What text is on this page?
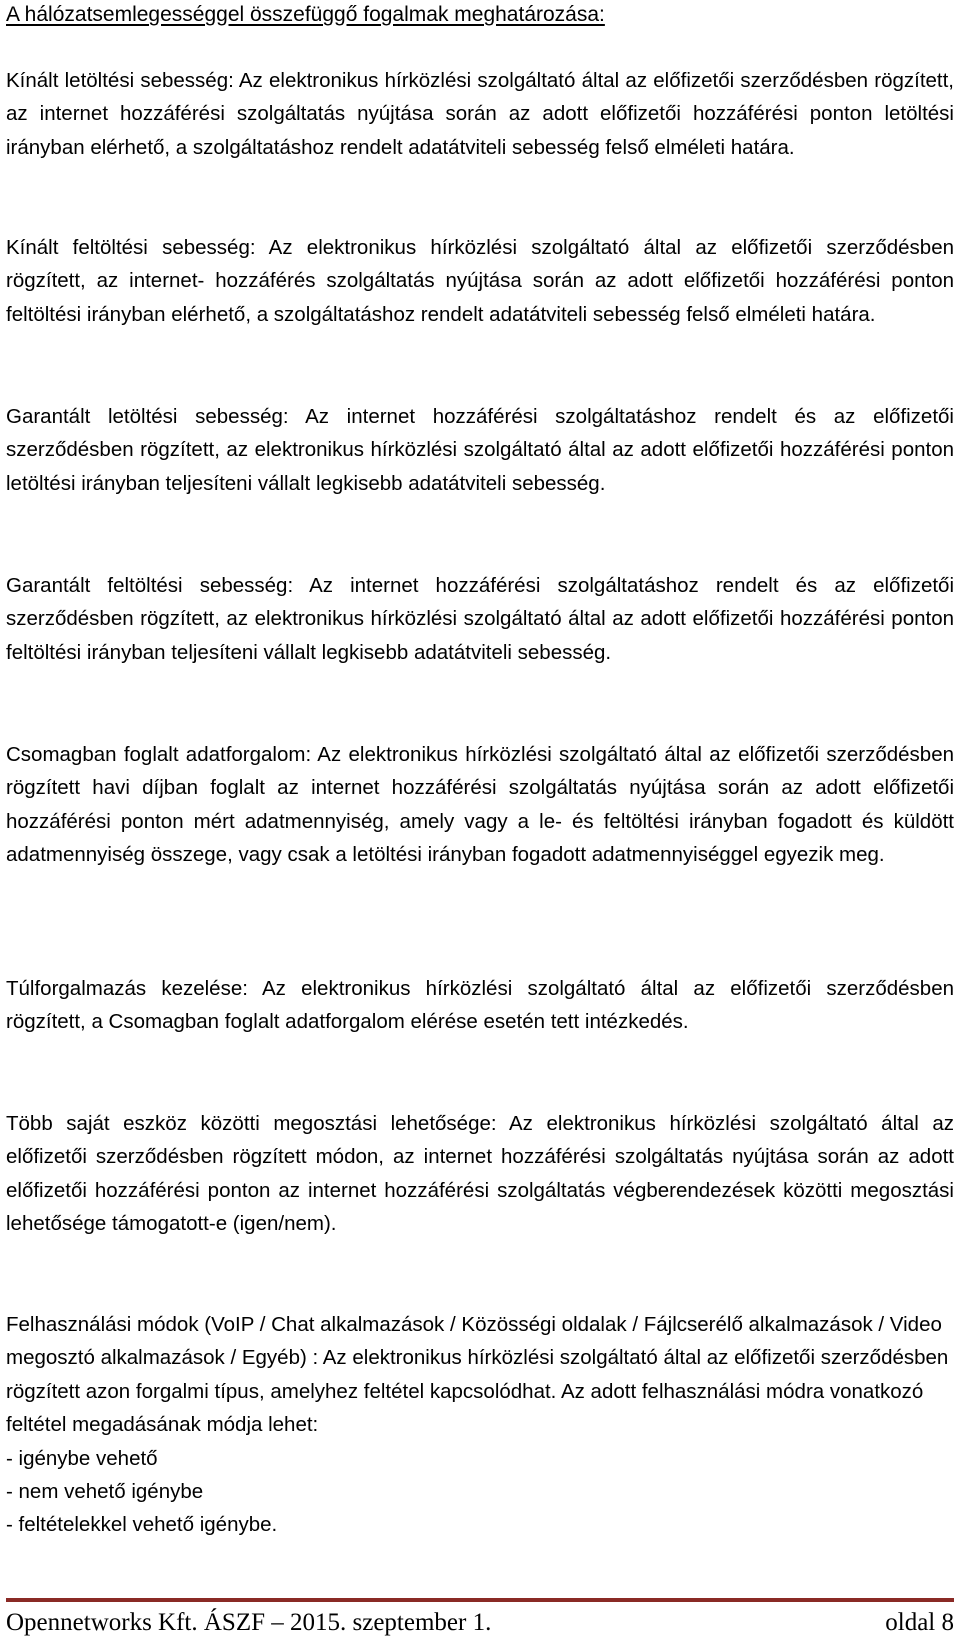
A hálózatsemlegességgel összefüggő fogalmak meghatározása:

Kínált letöltési sebesség: Az elektronikus hírközlési szolgáltató által az előfizetői szerződésben rögzített, az internet hozzáférési szolgáltatás nyújtása során az adott előfizetői hozzáférési ponton letöltési irányban elérhető, a szolgáltatáshoz rendelt adatátviteli sebesség felső elméleti határa.

Kínált feltöltési sebesség: Az elektronikus hírközlési szolgáltató által az előfizetői szerződésben rögzített, az internet- hozzáférés szolgáltatás nyújtása során az adott előfizetői hozzáférési ponton feltöltési irányban elérhető, a szolgáltatáshoz rendelt adatátviteli sebesség felső elméleti határa.

Garantált letöltési sebesség: Az internet hozzáférési szolgáltatáshoz rendelt és az előfizetői szerződésben rögzített, az elektronikus hírközlési szolgáltató által az adott előfizetői hozzáférési ponton letöltési irányban teljesíteni vállalt legkisebb adatátviteli sebesség.

Garantált feltöltési sebesség: Az internet hozzáférési szolgáltatáshoz rendelt és az előfizetői szerződésben rögzített, az elektronikus hírközlési szolgáltató által az adott előfizetői hozzáférési ponton feltöltési irányban teljesíteni vállalt legkisebb adatátviteli sebesség.

Csomagban foglalt adatforgalom: Az elektronikus hírközlési szolgáltató által az előfizetői szerződésben rögzített havi díjban foglalt az internet hozzáférési szolgáltatás nyújtása során az adott előfizetői hozzáférési ponton mért adatmennyiség, amely vagy a le- és feltöltési irányban fogadott és küldött adatmennyiség összege, vagy csak a letöltési irányban fogadott adatmennyiséggel egyezik meg.

Túlforgalmazás kezelése: Az elektronikus hírközlési szolgáltató által az előfizetői szerződésben rögzített, a Csomagban foglalt adatforgalom elérése esetén tett intézkedés.

Több saját eszköz közötti megosztási lehetősége: Az elektronikus hírközlési szolgáltató által az előfizetői szerződésben rögzített módon, az internet hozzáférési szolgáltatás nyújtása során az adott előfizetői hozzáférési ponton az internet hozzáférési szolgáltatás végberendezések közötti megosztási lehetősége támogatott-e (igen/nem).

Felhasználási módok (VoIP / Chat alkalmazások / Közösségi oldalak / Fájlcserélő alkalmazások / Video megosztó alkalmazások / Egyéb) : Az elektronikus hírközlési szolgáltató által az előfizetői szerződésben rögzített azon forgalmi típus, amelyhez feltétel kapcsolódhat. Az adott felhasználási módra vonatkozó feltétel megadásának módja lehet:

- igénybe vehető
- nem vehető igénybe
- feltételekkel vehető igénybe.
Opennetworks Kft. ÁSZF – 2015. szeptember 1.	oldal 8
